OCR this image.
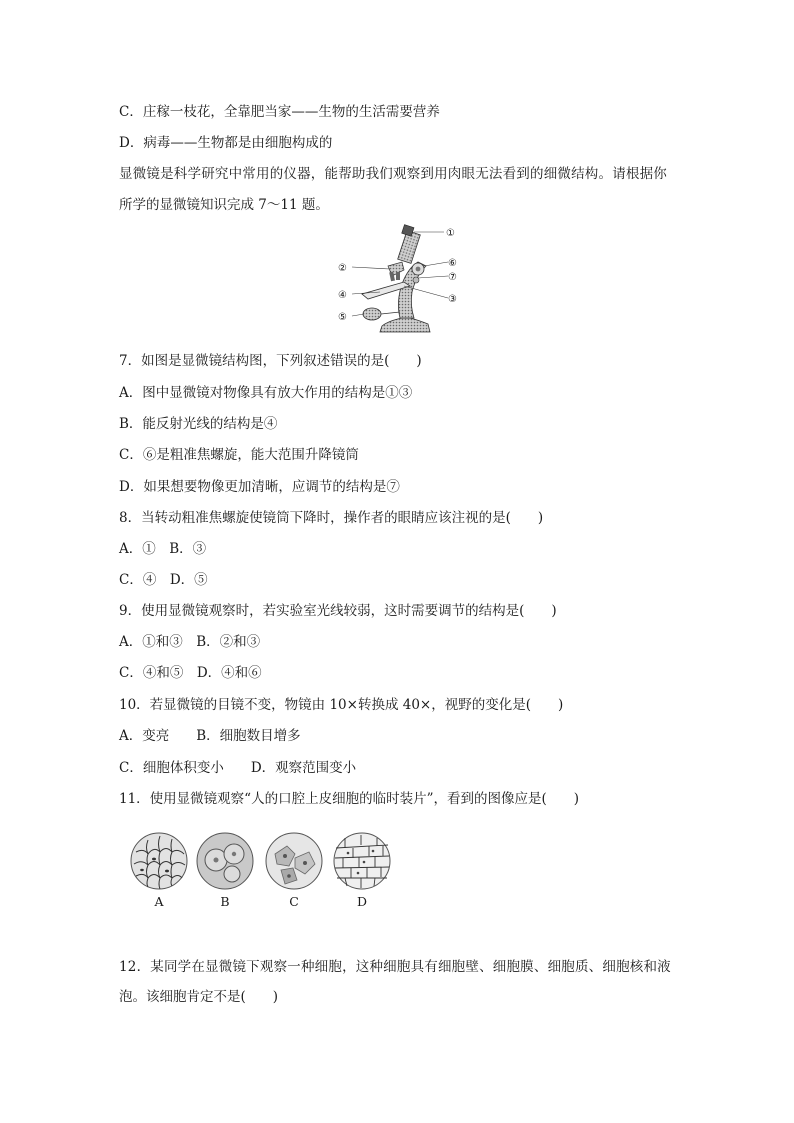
C．庄稼一枝花，全靠肥当家——生物的生活需要营养
D．病毒——生物都是由细胞构成的
显微镜是科学研究中常用的仪器，能帮助我们观察到用肉眼无法看到的细微结构。请根据你
所学的显微镜知识完成 7～11 题。
①
②
③
④
⑤
⑥
⑦
7．如图是显微镜结构图，下列叙述错误的是(　　)
A．图中显微镜对物像具有放大作用的结构是①③
B．能反射光线的结构是④
C．⑥是粗准焦螺旋，能大范围升降镜筒
D．如果想要物像更加清晰，应调节的结构是⑦
8．当转动粗准焦螺旋使镜筒下降时，操作者的眼睛应该注视的是(　　)
A．①　B．③
C．④　D．⑤
9．使用显微镜观察时，若实验室光线较弱，这时需要调节的结构是(　　)
A．①和③　B．②和③
C．④和⑤　D．④和⑥
10．若显微镜的目镜不变，物镜由 10×转换成 40×，视野的变化是(　　)
A．变亮　　B．细胞数目增多
C．细胞体积变小　　D．观察范围变小
11．使用显微镜观察“人的口腔上皮细胞的临时装片”，看到的图像应是(　　)
A	B	C	D
12．某同学在显微镜下观察一种细胞，这种细胞具有细胞壁、细胞膜、细胞质、细胞核和液
泡。该细胞肯定不是(　　)
